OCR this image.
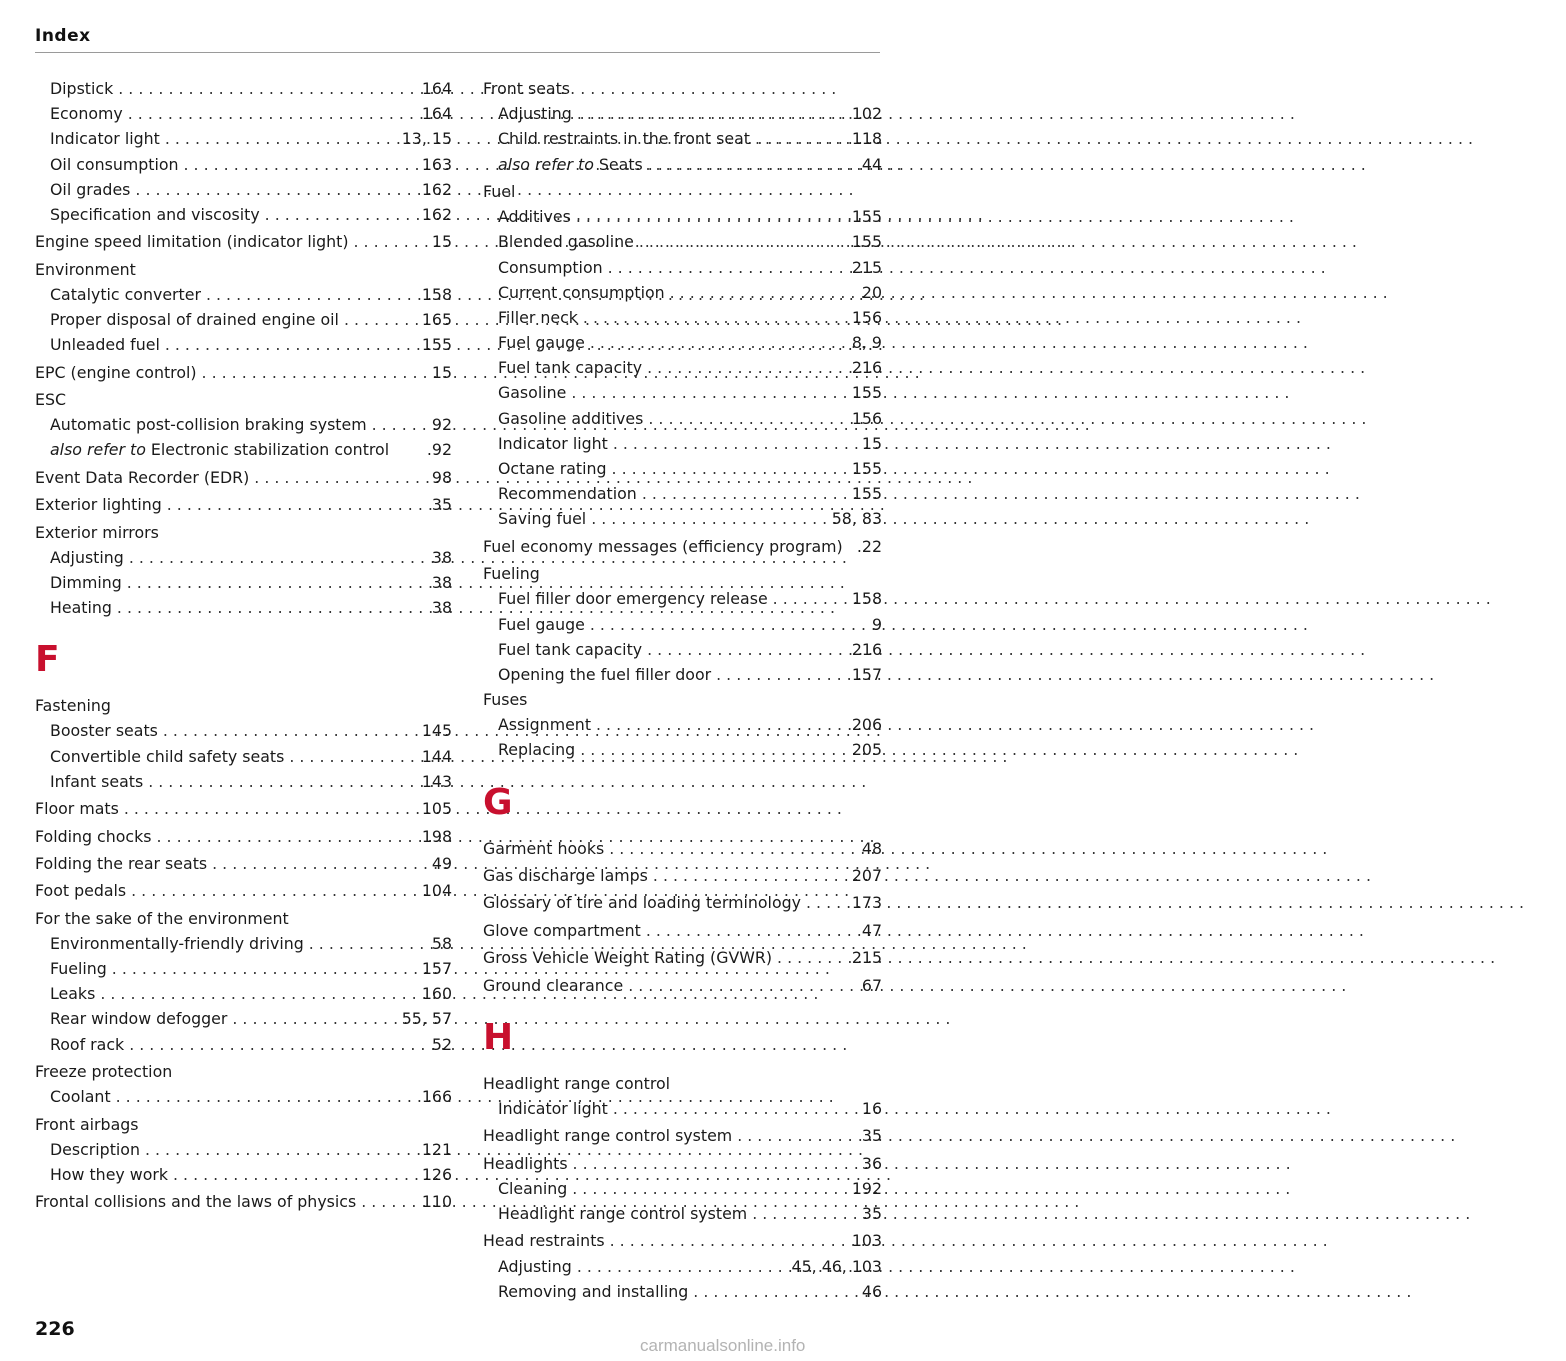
Index
Dipstick . . .	164
Economy . . .	164
Indicator light . . .	13, 15
Oil consumption . . .	163
Oil grades . . .	162
Specification and viscosity . . .	162
Engine speed limitation (indicator light) . . .	15
Environment
Catalytic converter . . .	158
Proper disposal of drained engine oil . . .	165
Unleaded fuel . . .	155
EPC (engine control) . . .	15
ESC
Automatic post-collision braking system . . .	92
also refer to Electronic stabilization control .92
Event Data Recorder (EDR) . . .	98
Exterior lighting . . .	35
Exterior mirrors
Adjusting . . .	38
Dimming . . .	38
Heating . . .	38
F
Fastening
Booster seats . . .	145
Convertible child safety seats . . .	144
Infant seats . . .	143
Floor mats . . .	105
Folding chocks . . .	198
Folding the rear seats . . .	49
Foot pedals . . .	104
For the sake of the environment
Environmentally-friendly driving . . .	58
Fueling . . .	157
Leaks . . .	160
Rear window defogger . . .	55, 57
Roof rack . . .	52
Freeze protection
Coolant . . .	166
Front airbags
Description . . .	121
How they work . . .	126
Frontal collisions and the laws of physics . . .	110
Front seats
Adjusting . . .	102
Child restraints in the front seat . . .	118
also refer to Seats . . .	44
Fuel
Additives . . .	155
Blended gasoline . . .	155
Consumption . . .	215
Current consumption . . .	20
Filler neck . . .	156
Fuel gauge . . .	8, 9
Fuel tank capacity . . .	216
Gasoline . . .	155
Gasoline additives . . .	156
Indicator light . . .	15
Octane rating . . .	155
Recommendation . . .	155
Saving fuel . . .	58, 83
Fuel economy messages (efficiency program) .22
Fueling
Fuel filler door emergency release . . .	158
Fuel gauge . . .	9
Fuel tank capacity . . .	216
Opening the fuel filler door . . .	157
Fuses
Assignment . . .	206
Replacing . . .	205
G
Garment hooks . . .	48
Gas discharge lamps . . .	207
Glossary of tire and loading terminology . . .	173
Glove compartment . . .	47
Gross Vehicle Weight Rating (GVWR) . . .	215
Ground clearance . . .	67
H
Headlight range control
Indicator light . . .	16
Headlight range control system . . .	35
Headlights . . .	36
Cleaning . . .	192
Headlight range control system . . .	35
Head restraints . . .	103
Adjusting . . .	45, 46, 103
Removing and installing . . .	46
226
carmanualsonline.info
